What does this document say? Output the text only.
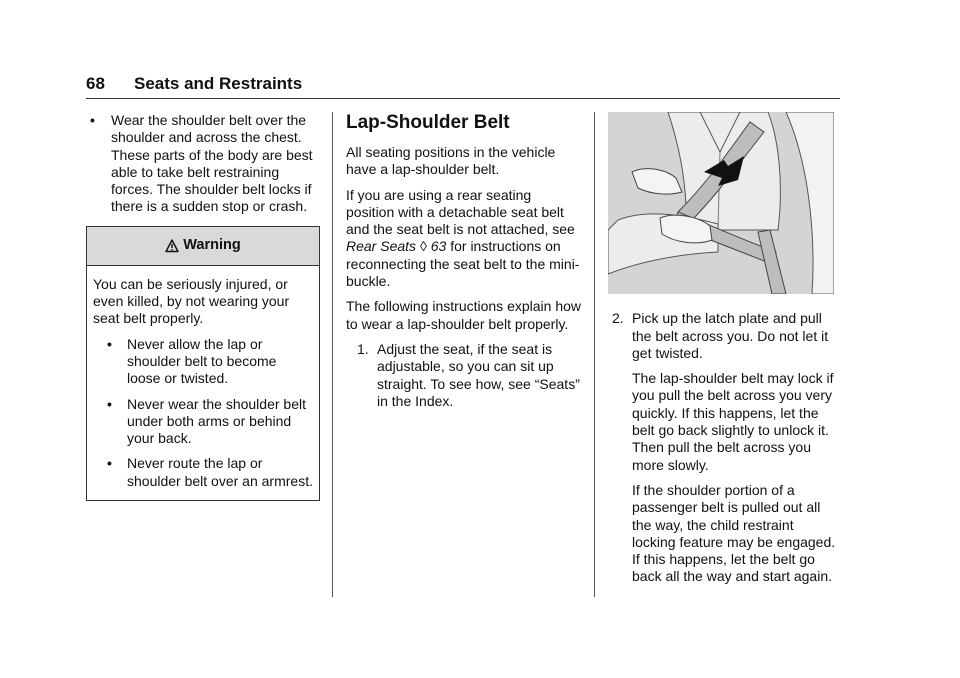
68 Seats and Restraints
• Wear the shoulder belt over the shoulder and across the chest. These parts of the body are best able to take belt restraining forces. The shoulder belt locks if there is a sudden stop or crash.
Warning

You can be seriously injured, or even killed, by not wearing your seat belt properly.

• Never allow the lap or shoulder belt to become loose or twisted.
• Never wear the shoulder belt under both arms or behind your back.
• Never route the lap or shoulder belt over an armrest.
Lap-Shoulder Belt

All seating positions in the vehicle have a lap-shoulder belt.

If you are using a rear seating position with a detachable seat belt and the seat belt is not attached, see Rear Seats ◊ 63 for instructions on reconnecting the seat belt to the mini-buckle.

The following instructions explain how to wear a lap-shoulder belt properly.

1. Adjust the seat, if the seat is adjustable, so you can sit up straight. To see how, see “Seats” in the Index.
2. Pick up the latch plate and pull the belt across you. Do not let it get twisted.

The lap-shoulder belt may lock if you pull the belt across you very quickly. If this happens, let the belt go back slightly to unlock it. Then pull the belt across you more slowly.

If the shoulder portion of a passenger belt is pulled out all the way, the child restraint locking feature may be engaged. If this happens, let the belt go back all the way and start again.
